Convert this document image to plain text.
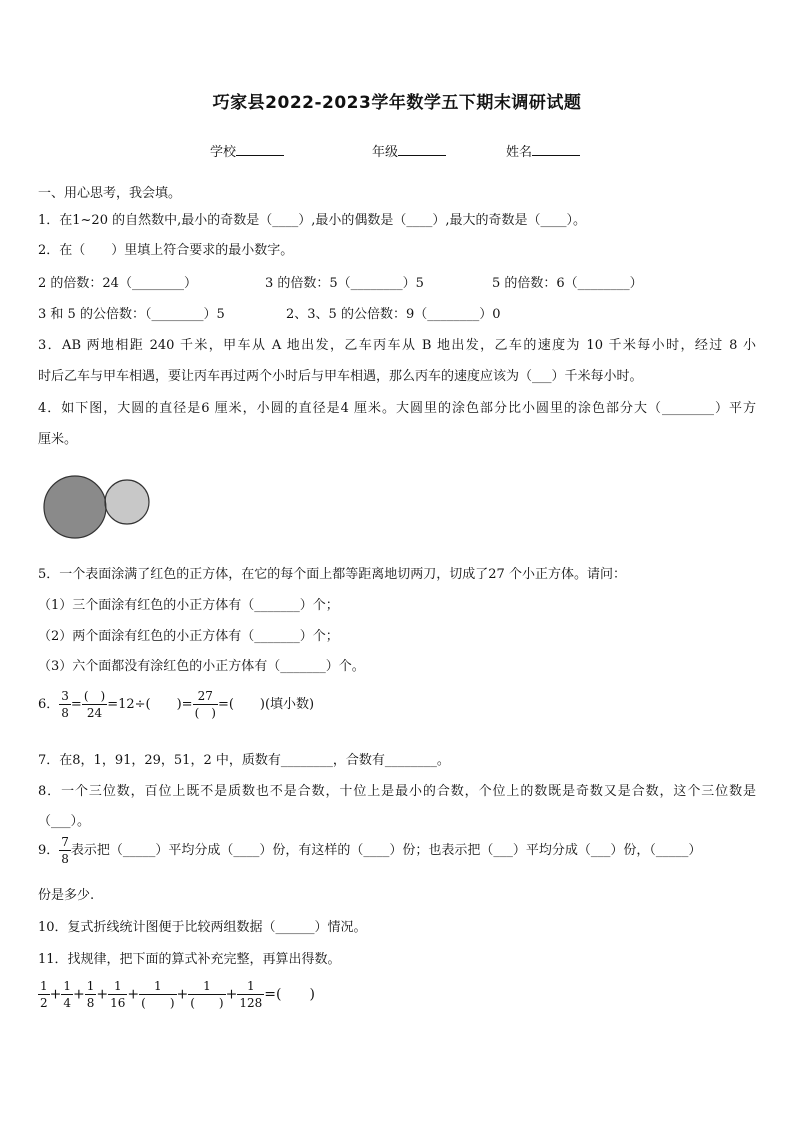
巧家县2022-2023学年数学五下期末调研试题
学校	年级	姓名
一、用心思考，我会填。
1．在1~20 的自然数中,最小的奇数是（____）,最小的偶数是（____）,最大的奇数是（____）。
2．在（　　）里填上符合要求的最小数字。
2 的倍数：24（________）	3 的倍数：5（________）5	5 的倍数：6（________）
3 和 5 的公倍数：（________）5	2、3、5 的公倍数：9（________）0
3．AB 两地相距 240 千米，甲车从 A 地出发，乙车丙车从 B 地出发，乙车的速度为 10 千米每小时，经过 8 小
时后乙车与甲车相遇，要让丙车再过两个小时后与甲车相遇，那么丙车的速度应该为（___）千米每小时。
4．如下图，大圆的直径是6 厘米，小圆的直径是4 厘米。大圆里的涂色部分比小圆里的涂色部分大（________）平方
厘米。
5．一个表面涂满了红色的正方体，在它的每个面上都等距离地切两刀，切成了27 个小正方体。请问：
（1）三个面涂有红色的小正方体有（_______）个；
（2）两个面涂有红色的小正方体有（_______）个；
（3）六个面都没有涂红色的小正方体有（_______）个。
6． $\frac{3}{8} = \frac{( )}{24} =12\div$(　　)= $\frac{27}{( )}$ =(　　)(填小数)
7．在8，1，91，29，51，2 中，质数有________，合数有________。
8．一个三位数，百位上既不是质数也不是合数，十位上是最小的合数，个位上的数既是奇数又是合数，这个三位数是
（___）。
9． $\frac{7}{8}$ 表示把（_____）平均分成（____）份，有这样的（____）份；也表示把（___）平均分成（___）份，（_____）
份是多少.
10．复式折线统计图便于比较两组数据（______）情况。
11．找规律，把下面的算式补充完整，再算出得数。
$\frac{1}{2} + \frac{1}{4} + \frac{1}{8} + \frac{1}{16} + \frac{1}{( )} + \frac{1}{( )} + \frac{1}{128}$ =(　　)
